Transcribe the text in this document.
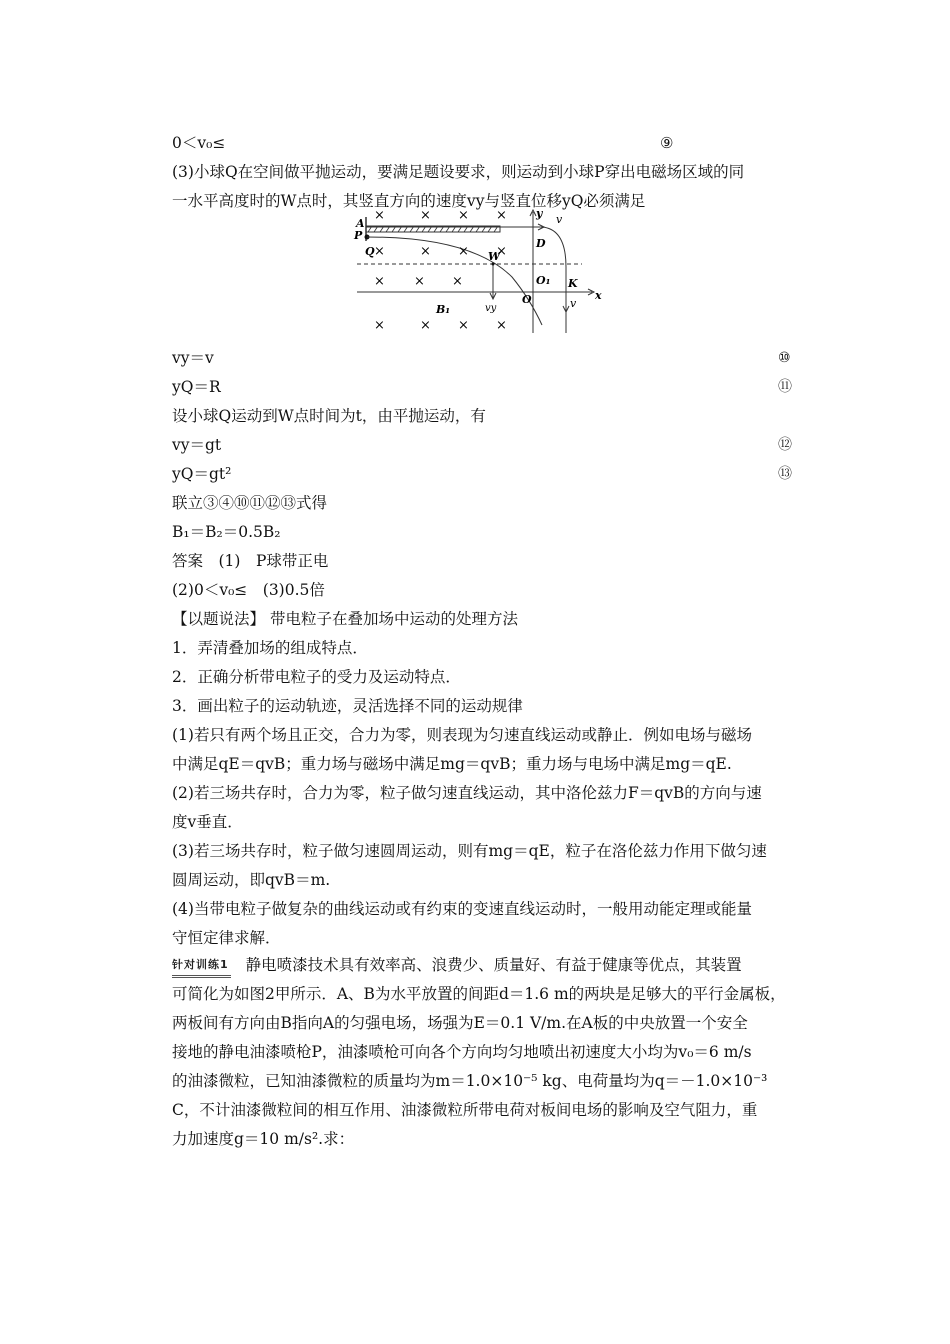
0＜v₀≤	⑨
(3)小球Q在空间做平抛运动，要满足题设要求，则运动到小球P穿出电磁场区域的同
一水平高度时的W点时，其竖直方向的速度vy与竖直位移yQ必须满足
×	× × ×
×	× × ×
× × ×
×	× × ×
A
P
Q
D
W
O₁
O
K
x
y v
v
vy
B₁
vy＝v	⑩
yQ＝R	⑪
设小球Q运动到W点时间为t，由平抛运动，有
vy＝gt	⑫
yQ＝gt²	⑬
联立③④⑩⑪⑫⑬式得
B₁＝B₂＝0.5B₂
答案　(1)　P球带正电
(2)0＜v₀≤　(3)0.5倍
【以题说法】 带电粒子在叠加场中运动的处理方法
1．弄清叠加场的组成特点．
2．正确分析带电粒子的受力及运动特点．
3．画出粒子的运动轨迹，灵活选择不同的运动规律
(1)若只有两个场且正交，合力为零，则表现为匀速直线运动或静止．例如电场与磁场
中满足qE＝qvB；重力场与磁场中满足mg＝qvB；重力场与电场中满足mg＝qE.
(2)若三场共存时，合力为零，粒子做匀速直线运动，其中洛伦兹力F＝qvB的方向与速
度v垂直．
(3)若三场共存时，粒子做匀速圆周运动，则有mg＝qE，粒子在洛伦兹力作用下做匀速
圆周运动，即qvB＝m.
(4)当带电粒子做复杂的曲线运动或有约束的变速直线运动时，一般用动能定理或能量
守恒定律求解．
针对训练1 静电喷漆技术具有效率高、浪费少、质量好、有益于健康等优点，其装置
可简化为如图2甲所示．A、B为水平放置的间距d＝1.6 m的两块是足够大的平行金属板，
两板间有方向由B指向A的匀强电场，场强为E＝0.1 V/m.在A板的中央放置一个安全
接地的静电油漆喷枪P，油漆喷枪可向各个方向均匀地喷出初速度大小均为v₀＝6 m/s
的油漆微粒，已知油漆微粒的质量均为m＝1.0×10⁻⁵ kg、电荷量均为q＝－1.0×10⁻³
C，不计油漆微粒间的相互作用、油漆微粒所带电荷对板间电场的影响及空气阻力，重
力加速度g＝10 m/s².求：
